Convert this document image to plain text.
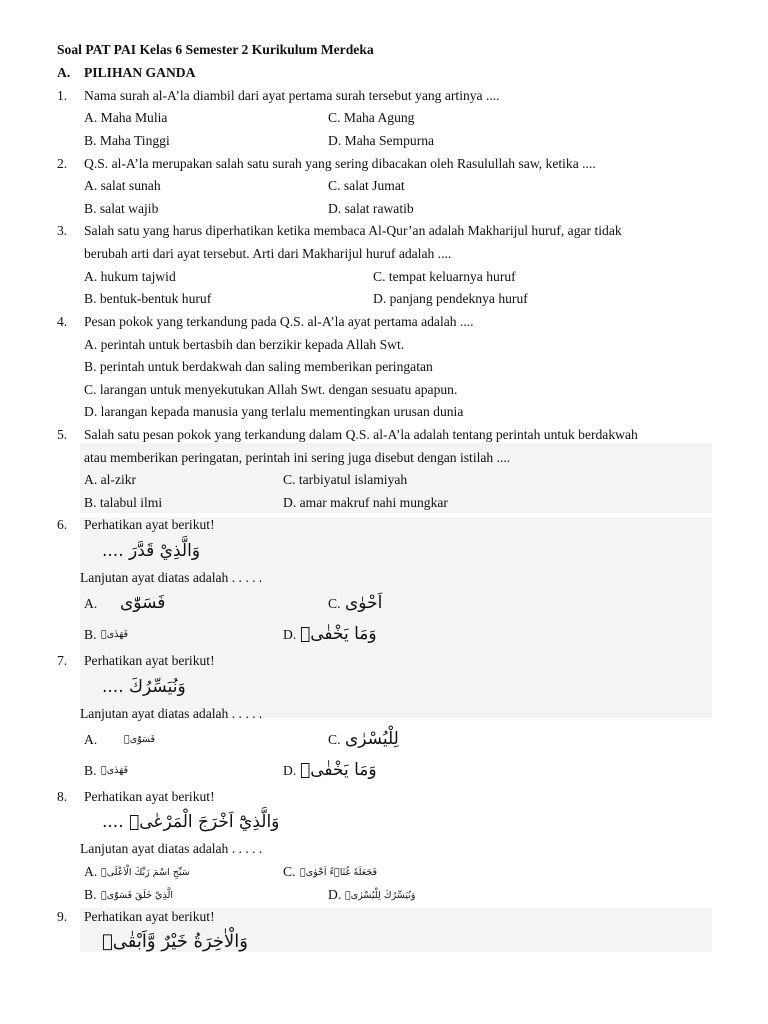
Soal PAT PAI Kelas 6 Semester 2 Kurikulum Merdeka
A. PILIHAN GANDA
1. Nama surah al-A’la diambil dari ayat pertama surah tersebut yang artinya ....
A. Maha Mulia	C. Maha Agung
B. Maha Tinggi	D. Maha Sempurna
2. Q.S. al-A’la merupakan salah satu surah yang sering dibacakan oleh Rasulullah saw, ketika ....
A. salat sunah	C. salat Jumat
B. salat wajib	D. salat rawatib
3. Salah satu yang harus diperhatikan ketika membaca Al-Qur’an adalah Makharijul huruf, agar tidak
berubah arti dari ayat tersebut. Arti dari Makharijul huruf adalah ....
A. hukum tajwid	C. tempat keluarnya huruf
B. bentuk-bentuk huruf	D. panjang pendeknya huruf
4. Pesan pokok yang terkandung pada Q.S. al-A’la ayat pertama adalah ....
A. perintah untuk bertasbih dan berzikir kepada Allah Swt.
B. perintah untuk berdakwah dan saling memberikan peringatan
C. larangan untuk menyekutukan Allah Swt. dengan sesuatu apapun.
D. larangan kepada manusia yang terlalu mementingkan urusan dunia
5. Salah satu pesan pokok yang terkandung dalam Q.S. al-A’la adalah tentang perintah untuk berdakwah
atau memberikan peringatan, perintah ini sering juga disebut dengan istilah ....
A. al-zikr	C. tarbiyatul islamiyah
B. talabul ilmi	D. amar makruf nahi mungkar
6. Perhatikan ayat berikut!
وَالَّذِيْ قَدَّرَ ....
Lanjutan ayat diatas adalah . . . . .
A. فَسَوّٰى	C. اَحْوٰى
B. فَهَدٰىۖ	D. وَمَا يَخْفٰىۗ
7. Perhatikan ayat berikut!
وَنُيَسِّرُكَ ....
Lanjutan ayat diatas adalah . . . . .
A.	فَسَوّٰىۖ	C. لِلْيُسْرٰى
B. فَهَدٰىۖ	D. وَمَا يَخْفٰىۗ
8. Perhatikan ayat berikut!
وَالَّذِيْٓ اَخْرَجَ الْمَرْعٰىۖ ....
Lanjutan ayat diatas adalah . . . . .
A. سَبِّحِ اسْمَ رَبِّكَ الْاَعْلَىۙ	C. فَجَعَلَهٗ غُثَاۤءً اَحْوٰىۗ
B. الَّذِيْ خَلَقَ فَسَوّٰىۖ	D. وَنُيَسِّرُكَ لِلْيُسْرٰىۖ
9. Perhatikan ayat berikut!
وَالْاٰخِرَةُ خَيْرٌ وَّاَبْقٰىۗ
